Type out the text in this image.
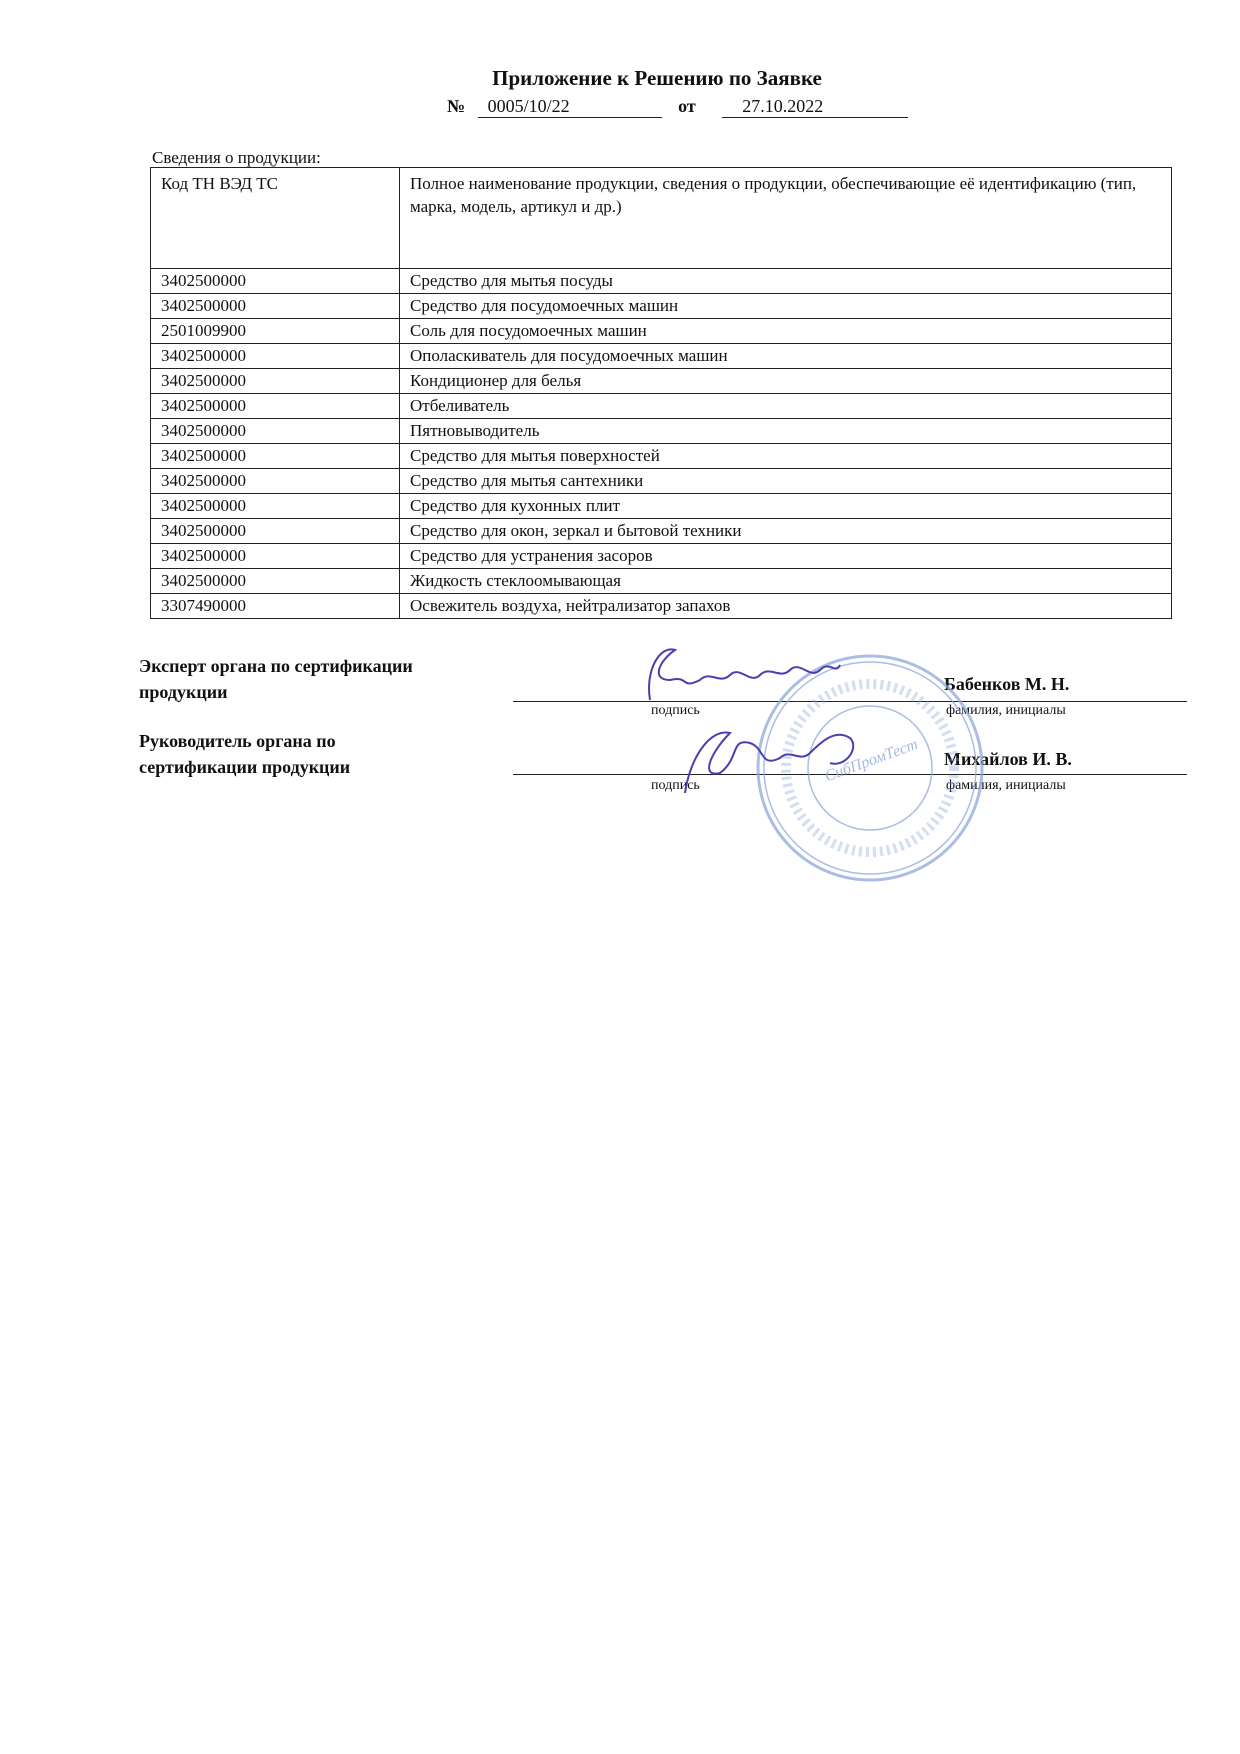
Приложение к Решению по Заявке
№ 0005/10/22	от	27.10.2022
Сведения о продукции:
Код ТН ВЭД ТС	Полное наименование продукции, сведения о продукции, обеспечивающие её идентификацию (тип, марка, модель, артикул и др.)
3402500000	Средство для мытья посуды
3402500000	Средство для посудомоечных машин
2501009900	Соль для посудомоечных машин
3402500000	Ополаскиватель для посудомоечных машин
3402500000	Кондиционер для белья
3402500000	Отбеливатель
3402500000	Пятновыводитель
3402500000	Средство для мытья поверхностей
3402500000	Средство для мытья сантехники
3402500000	Средство для кухонных плит
3402500000	Средство для окон, зеркал и бытовой техники
3402500000	Средство для устранения засоров
3402500000	Жидкость стеклоомывающая
3307490000	Освежитель воздуха, нейтрализатор запахов
Эксперт органа по сертификации
продукции	Бабенков М. Н.
подпись	фамилия, инициалы
Руководитель органа по
сертификации продукции	Михайлов И. В.
подпись	фамилия, инициалы
СибПромТест
